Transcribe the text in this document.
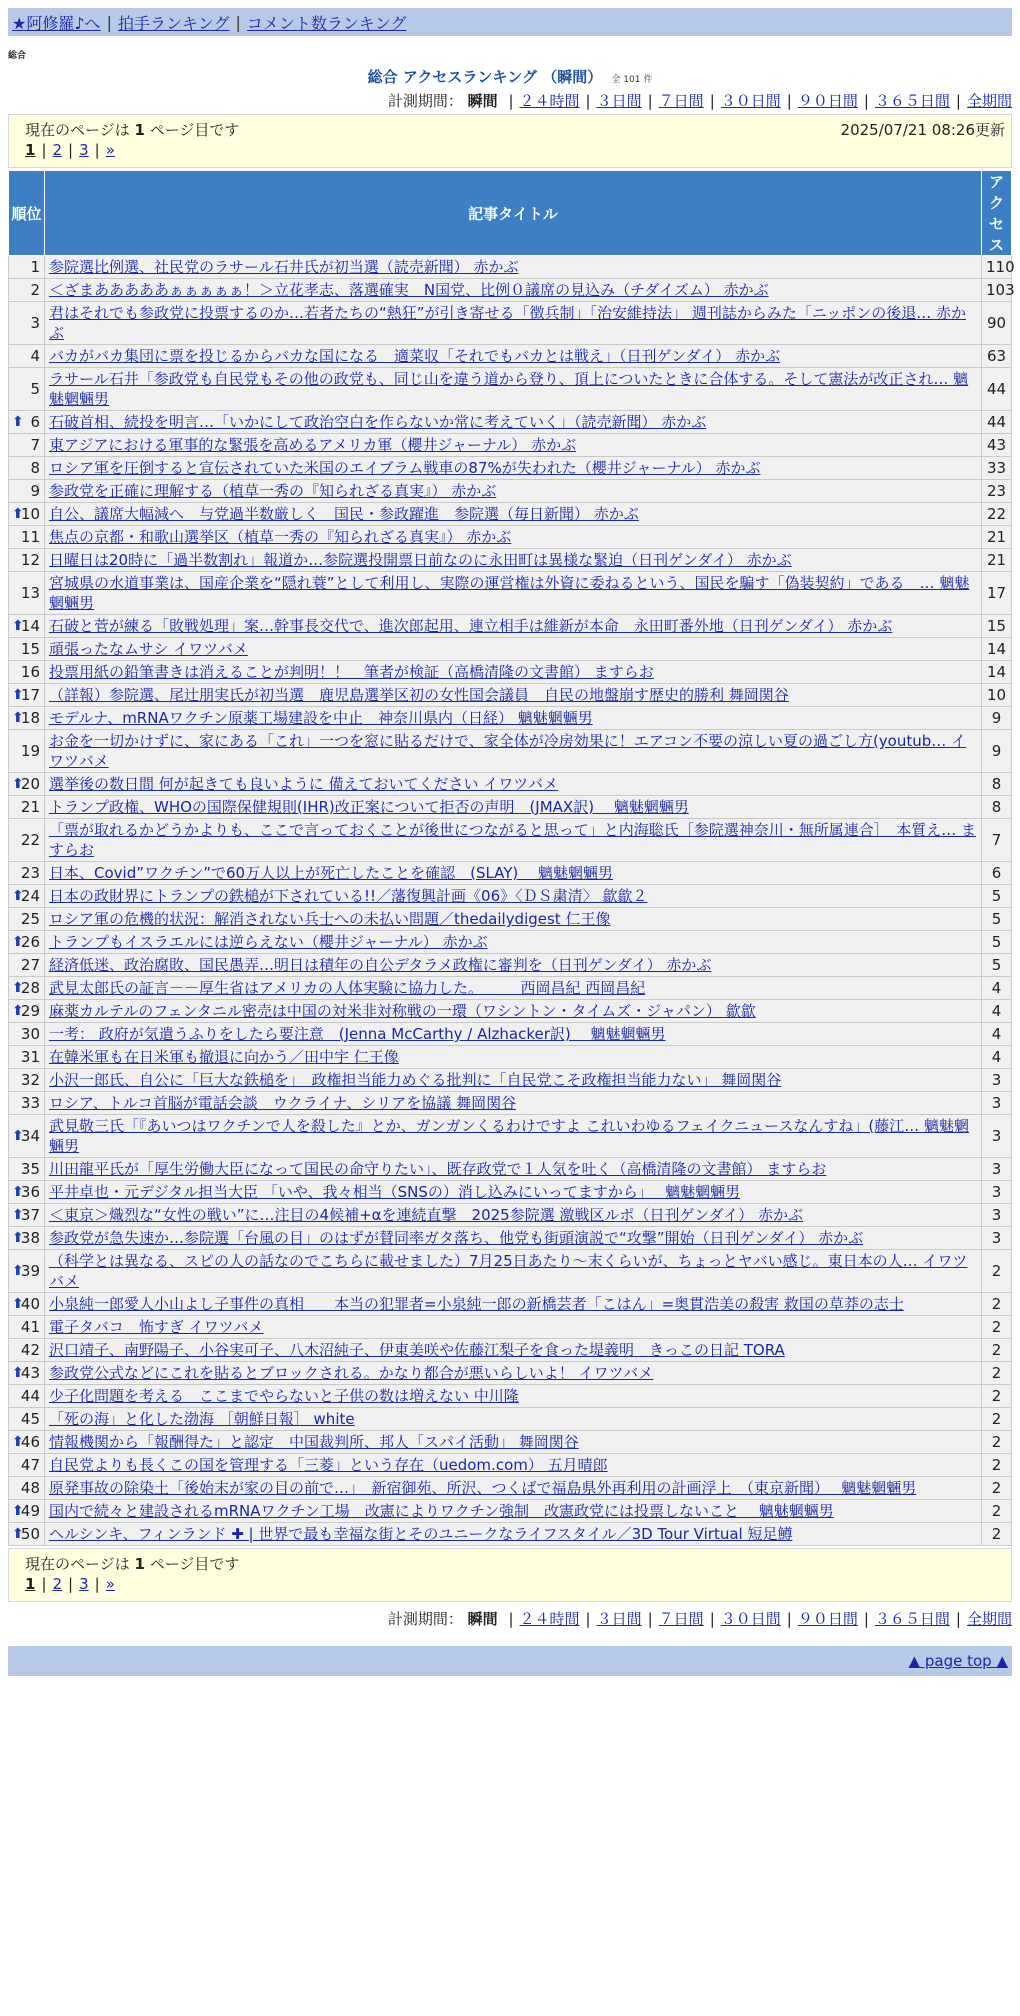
★阿修羅♪へ | 拍手ランキング | コメント数ランキング
総合
総合 アクセスランキング （瞬間） 全 101 件
計測期間： 瞬間 | ２４時間 | ３日間 | ７日間 | ３０日間 | ９０日間 | ３６５日間 | 全期間
現在のページは 1 ページ目です	2025/07/21 08:26更新
1 | 2 | 3 | »
順位	記事タイトル	アクセス
1	参院選比例選、社民党のラサール石井氏が初当選（読売新聞） 赤かぶ	110
2	＜ざまあああああぁぁぁぁぁ！＞立花孝志、落選確実　N国党、比例０議席の見込み（チダイズム） 赤かぶ	103
3	君はそれでも参政党に投票するのか…若者たちの“熱狂”が引き寄せる「徴兵制」「治安維持法」 週刊誌からみた「ニッポンの後退… 赤かぶ	90
4	バカがバカ集団に票を投じるからバカな国になる　適菜収「それでもバカとは戦え」（日刊ゲンダイ） 赤かぶ	63
5	ラサール石井「参政党も自民党もその他の政党も、同じ山を違う道から登り、頂上についたときに合体する。そして憲法が改正され… 魑魅魍魎男	44

⬆ 6	石破首相、続投を明言…「いかにして政治空白を作らないか常に考えていく」（読売新聞） 赤かぶ	44
7	東アジアにおける軍事的な緊張を高めるアメリカ軍（櫻井ジャーナル） 赤かぶ	43
8	ロシア軍を圧倒すると宣伝されていた米国のエイブラム戦車の87%が失われた（櫻井ジャーナル） 赤かぶ	33
9	参政党を正確に理解する（植草一秀の『知られざる真実』） 赤かぶ	23

⬆
10	自公、議席大幅減へ　与党過半数厳しく　国民・参政躍進　参院選（毎日新聞） 赤かぶ	22
11	焦点の京都・和歌山選挙区（植草一秀の『知られざる真実』） 赤かぶ	21
12	日曜日は20時に「過半数割れ」報道か…参院選投開票日前なのに永田町は異様な緊迫（日刊ゲンダイ） 赤かぶ	21
13	宮城県の水道事業は、国産企業を“隠れ蓑”として利用し、実際の運営権は外資に委ねるという、国民を騙す「偽装契約」である　… 魑魅魍魎男	17

⬆
14	石破と菅が練る「敗戦処理」案…幹事長交代で、進次郎起用、連立相手は維新が本命　永田町番外地（日刊ゲンダイ） 赤かぶ	15
15	頑張ったなムサシ イワツバメ	14
16	投票用紙の鉛筆書きは消えることが判明！！　筆者が検証（高橋清隆の文書館） ますらお	14

⬆
17	（詳報）参院選、尾辻朋実氏が初当選　鹿児島選挙区初の女性国会議員　自民の地盤崩す歴史的勝利 舞岡関谷	10

⬆
18	モデルナ、mRNAワクチン原薬工場建設を中止　神奈川県内（日経） 魑魅魍魎男	9
19	お金を一切かけずに、家にある「これ」一つを窓に貼るだけで、家全体が冷房効果に！エアコン不要の涼しい夏の過ごし方(youtub… イワツバメ	9

⬆
20	選挙後の数日間 何が起きても良いように 備えておいてください イワツバメ	8
21	トランプ政権、WHOの国際保健規則(IHR)改正案について拒否の声明　(JMAX訳)　 魑魅魍魎男	8
22	「票が取れるかどうかよりも、ここで言っておくことが後世につながると思って」と内海聡氏［参院選神奈川・無所属連合］　本質え… ますらお	7
23	日本、Covid”ワクチン”で60万人以上が死亡したことを確認　(SLAY)　 魑魅魍魎男	6

⬆
24	日本の政財界にトランプの鉄槌が下されている!!／藩復興計画《06》〈ＤＳ粛清〉 歙歙２	5
25	ロシア軍の危機的状況：解消されない兵士への未払い問題／thedailydigest 仁王像	5

⬆
26	トランプもイスラエルには逆らえない（櫻井ジャーナル） 赤かぶ	5
27	経済低迷、政治腐敗、国民愚弄…明日は積年の自公デタラメ政権に審判を（日刊ゲンダイ） 赤かぶ	5

⬆
28	武見太郎氏の証言－－厚生省はアメリカの人体実験に協力した。　　　西岡昌紀 西岡昌紀	4

⬆
29	麻薬カルテルのフェンタニル密売は中国の対米非対称戦の一環（ワシントン・タイムズ・ジャパン） 歙歙	4
30	一考： 政府が気遣うふりをしたら要注意　(Jenna McCarthy / Alzhacker訳)　 魑魅魍魎男	4
31	在韓米軍も在日米軍も撤退に向かう／田中宇 仁王像	4
32	小沢一郎氏、自公に「巨大な鉄槌を」　政権担当能力めぐる批判に「自民党こそ政権担当能力ない」 舞岡関谷	3
33	ロシア、トルコ首脳が電話会談　ウクライナ、シリアを協議 舞岡関谷	3

⬆
34	武見敬三氏「『あいつはワクチンで人を殺した』とか、ガンガンくるわけですよ これいわゆるフェイクニュースなんすね」(藤江… 魑魅魍魎男	3
35	川田龍平氏が「厚生労働大臣になって国民の命守りたい」、既存政党で１人気を吐く（高橋清隆の文書館） ますらお	3

⬆
36	平井卓也・元デジタル担当大臣 「いや、我々相当（SNSの）消し込みにいってますから」　 魑魅魍魎男	3

⬆
37	＜東京＞熾烈な“女性の戦い”に…注目の4候補+αを連続直撃　2025参院選 激戦区ルポ（日刊ゲンダイ） 赤かぶ	3

⬆
38	参政党が急失速か…参院選「台風の目」のはずが賛同率ガタ落ち、他党も街頭演説で“攻撃”開始（日刊ゲンダイ） 赤かぶ	3

⬆
39	（科学とは異なる、スピの人の話なのでこちらに載せました）7月25日あたり～末くらいが、ちょっとヤバい感じ。東日本の人… イワツバメ	2

⬆
40	小泉純一郎愛人小山よし子事件の真相　　本当の犯罪者=小泉純一郎の新橋芸者「こはん」=奥貫浩美の殺害 救国の草莽の志士	2
41	電子タバコ　怖すぎ イワツバメ	2
42	沢口靖子、南野陽子、小谷実可子、八木沼純子、伊東美咲や佐藤江梨子を食った堤義明　きっこの日記 TORA	2

⬆
43	参政党公式などにこれを貼るとブロックされる。かなり都合が悪いらしいよ！ イワツバメ	2
44	少子化問題を考える　ここまでやらないと子供の数は増えない 中川隆	2
45	「死の海」と化した渤海 ［朝鮮日報］ white	2

⬆
46	情報機関から「報酬得た」と認定　中国裁判所、邦人「スパイ活動」 舞岡関谷	2
47	自民党よりも長くこの国を管理する「三菱」という存在（uedom.com） 五月晴郎	2
48	原発事故の除染土「後始末が家の目の前で…」　新宿御苑、所沢、つくばで福島県外再利用の計画浮上　（東京新聞）　 魑魅魍魎男	2

⬆
49	国内で続々と建設されるmRNAワクチン工場　改憲によりワクチン強制　改憲政党には投票しないこと　 魑魅魍魎男	2

⬆
50	ヘルシンキ、フィンランド ✚ | 世界で最も幸福な街とそのユニークなライフスタイル／3D Tour Virtual 短足鱒	2
現在のページは 1 ページ目です
1 | 2 | 3 | »
計測期間： 瞬間 | ２４時間 | ３日間 | ７日間 | ３０日間 | ９０日間 | ３６５日間 | 全期間
▲ page top ▲
